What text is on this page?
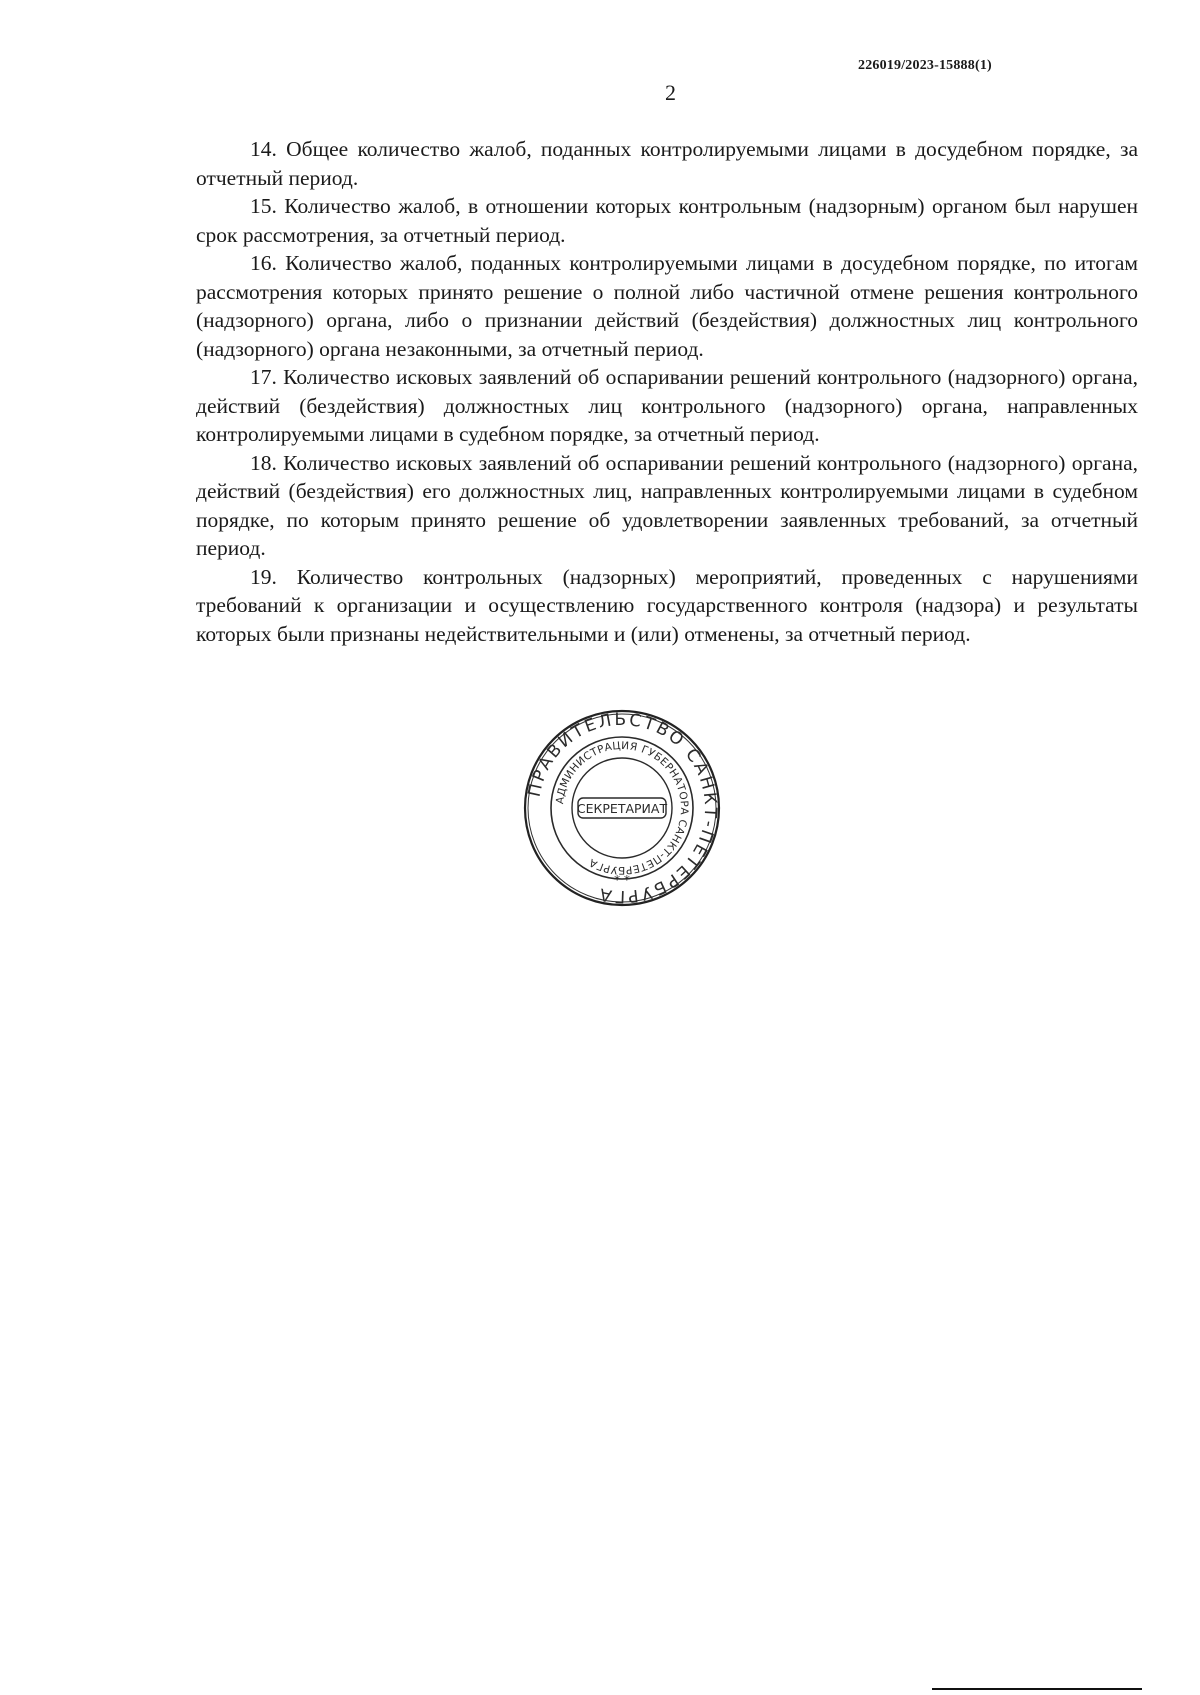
226019/2023-15888(1)
2

14. Общее количество жалоб, поданных контролируемыми лицами в досудебном порядке, за отчетный период.

15. Количество жалоб, в отношении которых контрольным (надзорным) органом был нарушен срок рассмотрения, за отчетный период.

16. Количество жалоб, поданных контролируемыми лицами в досудебном порядке, по итогам рассмотрения которых принято решение о полной либо частичной отмене решения контрольного (надзорного) органа, либо о признании действий (бездействия) должностных лиц контрольного (надзорного) органа незаконными, за отчетный период.

17. Количество исковых заявлений об оспаривании решений контрольного (надзорного) органа, действий (бездействия) должностных лиц контрольного (надзорного) органа, направленных контролируемыми лицами в судебном порядке, за отчетный период.

18. Количество исковых заявлений об оспаривании решений контрольного (надзорного) органа, действий (бездействия) его должностных лиц, направленных контролируемыми лицами в судебном порядке, по которым принято решение об удовлетворении заявленных требований, за отчетный период.

19. Количество контрольных (надзорных) мероприятий, проведенных с нарушениями требований к организации и осуществлению государственного контроля (надзора) и результаты которых были признаны недействительными и (или) отменены, за отчетный период.

ПРАВИТЕЛЬСТВО САНКТ-ПЕТЕРБУРГА
АДМИНИСТРАЦИЯ ГУБЕРНАТОРА САНКТ-ПЕТЕРБУРГА
СЕКРЕТАРИАТ
* *
